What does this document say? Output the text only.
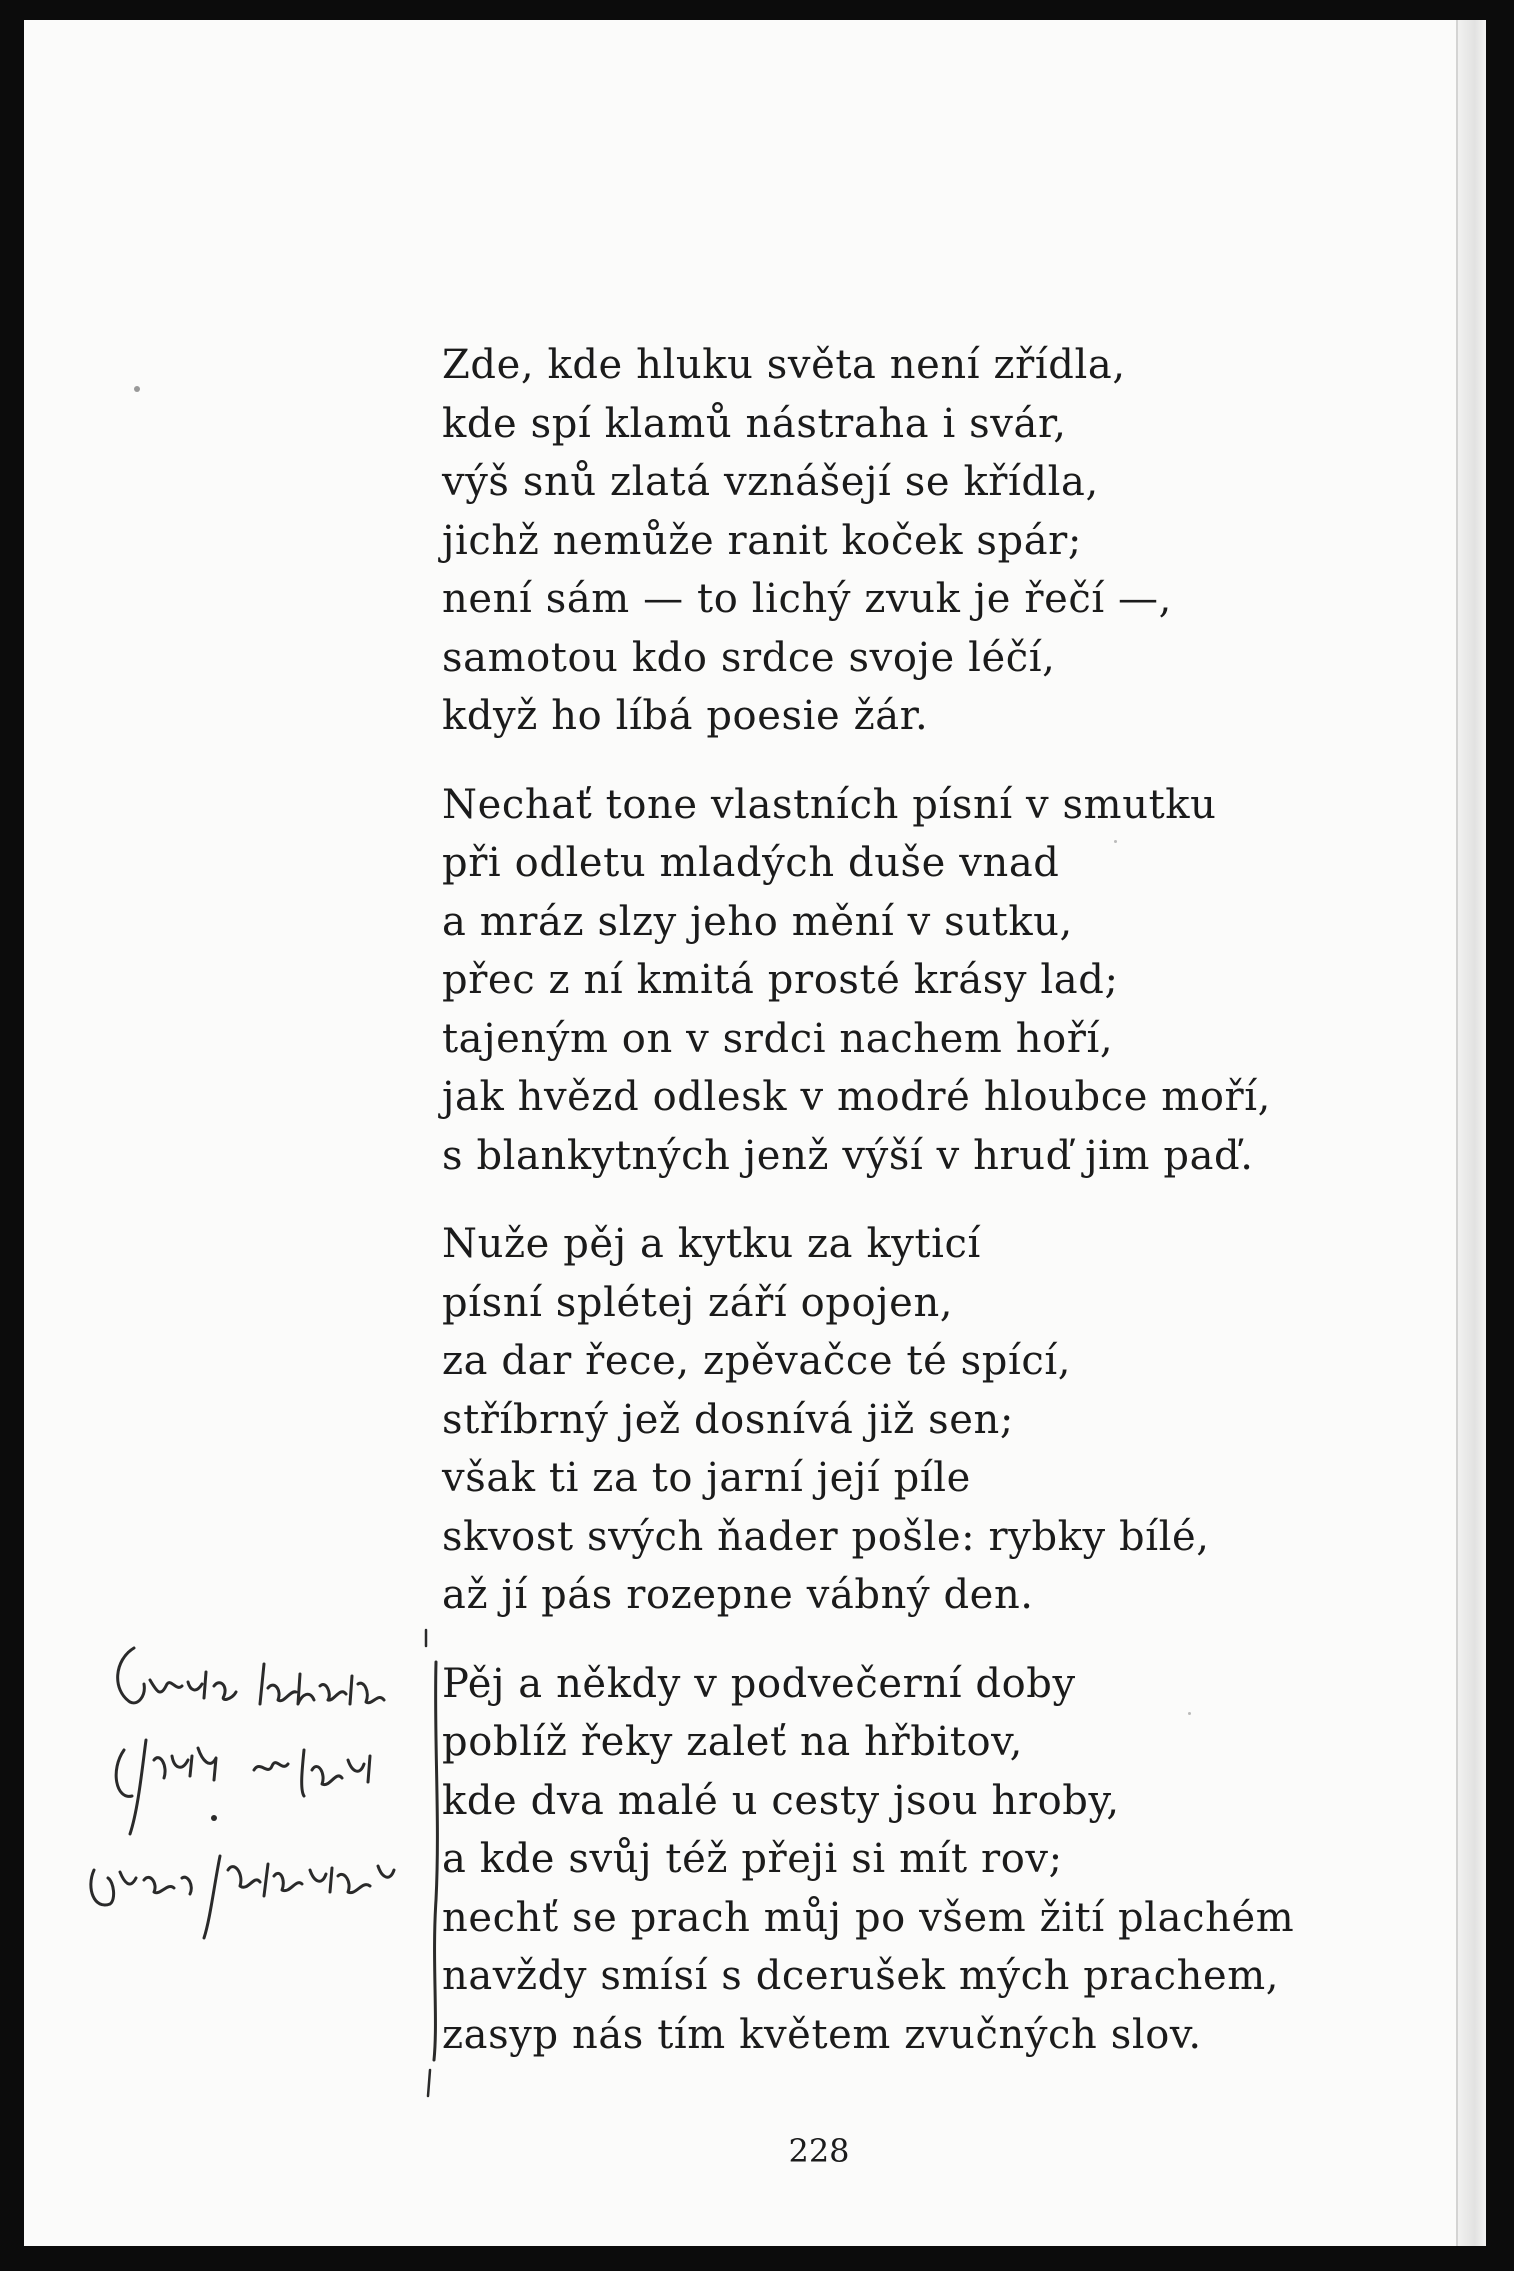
Zde, kde hluku světa není zřídla,
kde spí klamů nástraha i svár,
výš snů zlatá vznášejí se křídla,
jichž nemůže ranit koček spár;
není sám — to lichý zvuk je řečí —,
samotou kdo srdce svoje léčí,
když ho líbá poesie žár.
Nechať tone vlastních písní v smutku
při odletu mladých duše vnad
a mráz slzy jeho mění v sutku,
přec z ní kmitá prosté krásy lad;
tajeným on v srdci nachem hoří,
jak hvězd odlesk v modré hloubce moří,
s blankytných jenž výší v hruď jim paď.
Nuže pěj a kytku za kyticí
písní splétej září opojen,
za dar řece, zpěvačce té spící,
stříbrný jež dosnívá již sen;
však ti za to jarní její píle
skvost svých ňader pošle: rybky bílé,
až jí pás rozepne vábný den.
Pěj a někdy v podvečerní doby
poblíž řeky zaleť na hřbitov,
kde dva malé u cesty jsou hroby,
a kde svůj též přeji si mít rov;
nechť se prach můj po všem žití plachém
navždy smísí s dcerušek mých prachem,
zasyp nás tím květem zvučných slov.
228
